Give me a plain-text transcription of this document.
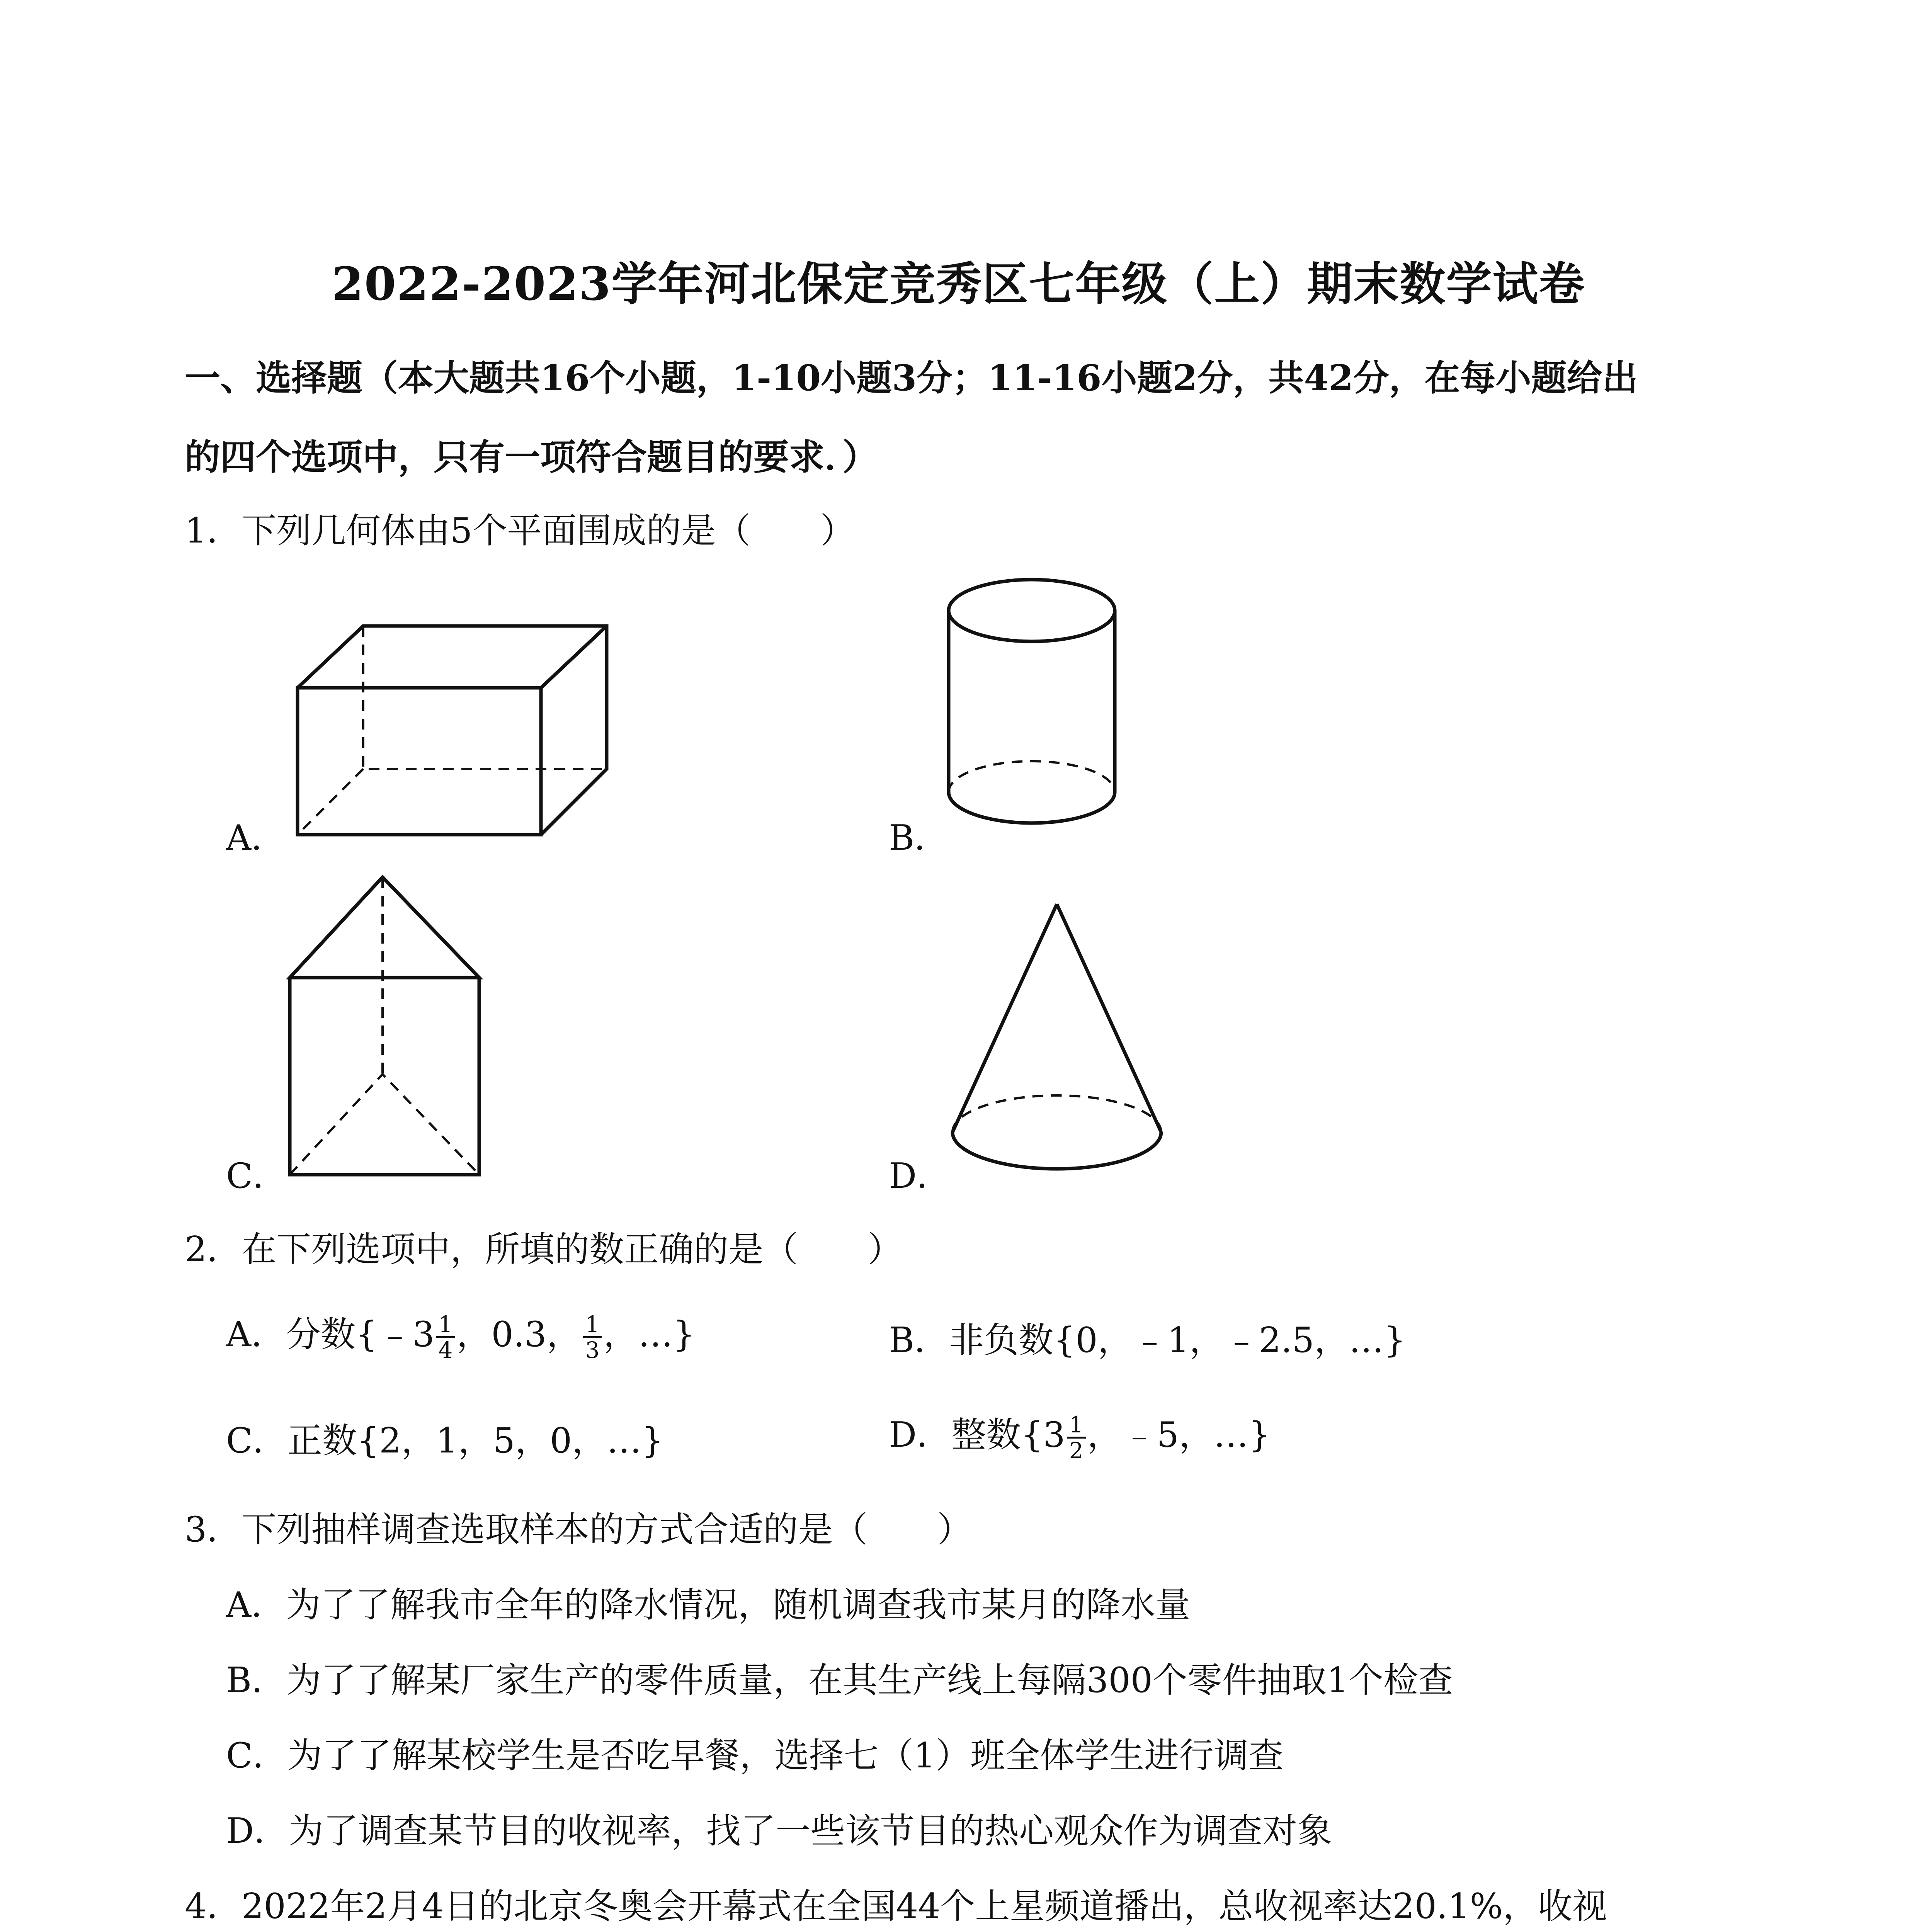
2022-2023学年河北保定竞秀区七年级（上）期末数学试卷
一、选择题（本大题共16个小题，1-10小题3分；11-16小题2分，共42分，在每小题给出
的四个选项中，只有一项符合题目的要求．）
1．下列几何体由5个平面围成的是（　　）
A．	B．
C．	D．
2．在下列选项中，所填的数正确的是（　　）
A．分数{﹣3 $\frac{1}{4}$ ，0.3， $\frac{1}{3}$ ，…}	B．非负数{0，﹣1，﹣2.5，…}
C．正数{2，1，5，0，…}	D．整数{$3 \frac{1}{2}$ ，﹣5，…}
3．下列抽样调查选取样本的方式合适的是（　　）
A．为了了解我市全年的降水情况，随机调查我市某月的降水量
B．为了了解某厂家生产的零件质量，在其生产线上每隔300个零件抽取1个检查
C．为了了解某校学生是否吃早餐，选择七（1）班全体学生进行调查
D．为了调查某节目的收视率，找了一些该节目的热心观众作为调查对象
4．2022年2月4日的北京冬奥会开幕式在全国44个上星频道播出，总收视率达20.1%，收视
